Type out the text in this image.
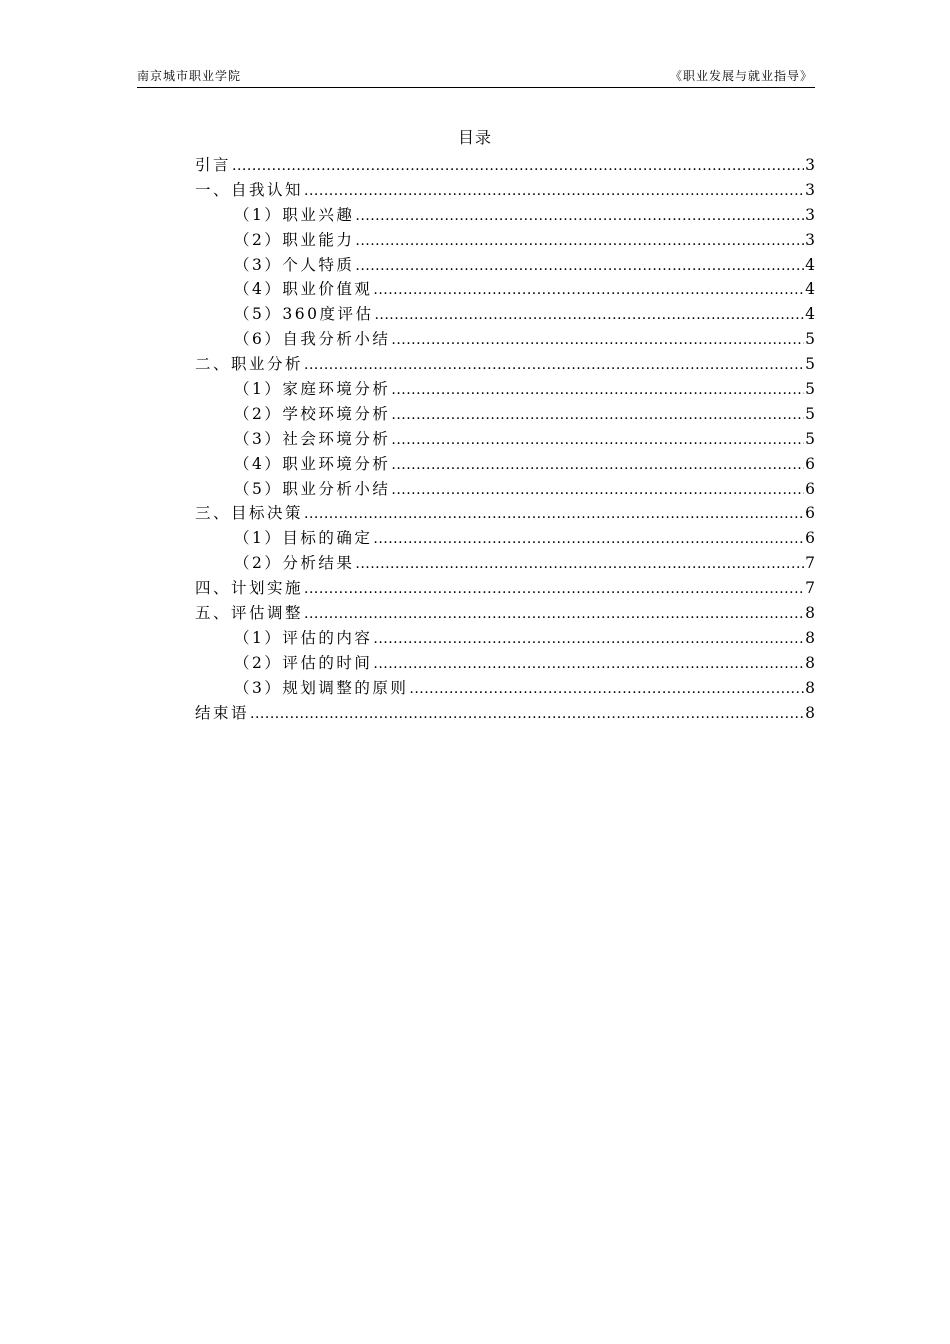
南京城市职业学院	《职业发展与就业指导》
目录
引言 .....	3
一、自我认知 .....	3
（1）职业兴趣 .....	3
（2）职业能力 .....	3
（3）个人特质 .....	4
（4）职业价值观 .....	4
（5）360度评估 .....	4
（6）自我分析小结 .....	5
二、职业分析 .....	5
（1）家庭环境分析 .....	5
（2）学校环境分析 .....	5
（3）社会环境分析 .....	5
（4）职业环境分析 .....	6
（5）职业分析小结 .....	6
三、目标决策 .....	6
（1）目标的确定 .....	6
（2）分析结果 .....	7
四、计划实施 .....	7
五、评估调整 .....	8
（1）评估的内容 .....	8
（2）评估的时间 .....	8
（3）规划调整的原则 .....	8
结束语 .....	8
